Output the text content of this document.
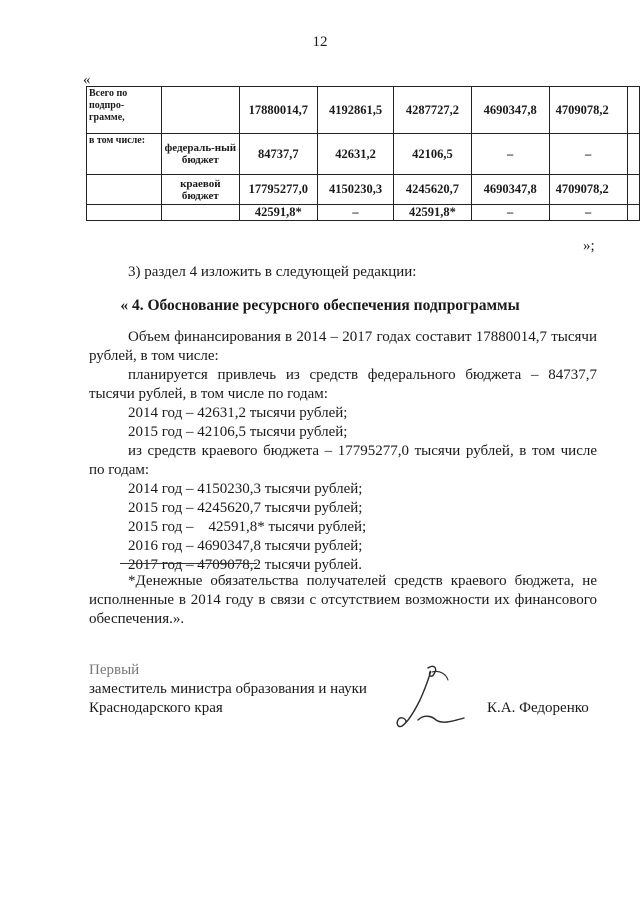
12
«
Всего по подпро-грамме,		17880014,7	4192861,5	4287727,2	4690347,8	4709078,2	
в том числе:	федераль-ный бюджет	84737,7	42631,2	42106,5	–	–	
	краевой бюджет	17795277,0	4150230,3	4245620,7	4690347,8	4709078,2	
		42591,8*	–	42591,8*	–	–	
»;
3) раздел 4 изложить в следующей редакции:
« 4. Обоснование ресурсного обеспечения подпрограммы
Объем финансирования в 2014 – 2017 годах составит 17880014,7 тысячи рублей, в том числе:
планируется привлечь из средств федерального бюджета – 84737,7 тысячи рублей, в том числе по годам:
2014 год – 42631,2 тысячи рублей;
2015 год – 42106,5 тысячи рублей;
из средств краевого бюджета – 17795277,0 тысячи рублей, в том числе по годам:
2014 год – 4150230,3 тысячи рублей;
2015 год – 4245620,7 тысячи рублей;
2015 год –    42591,8* тысячи рублей;
2016 год – 4690347,8 тысячи рублей;
2017 год – 4709078,2 тысячи рублей.
*Денежные обязательства получателей средств краевого бюджета, не исполненные в 2014 году в связи с отсутствием возможности их финансового обеспечения.».
Первый
заместитель министра образования и науки
Краснодарского края	К.А. Федоренко
